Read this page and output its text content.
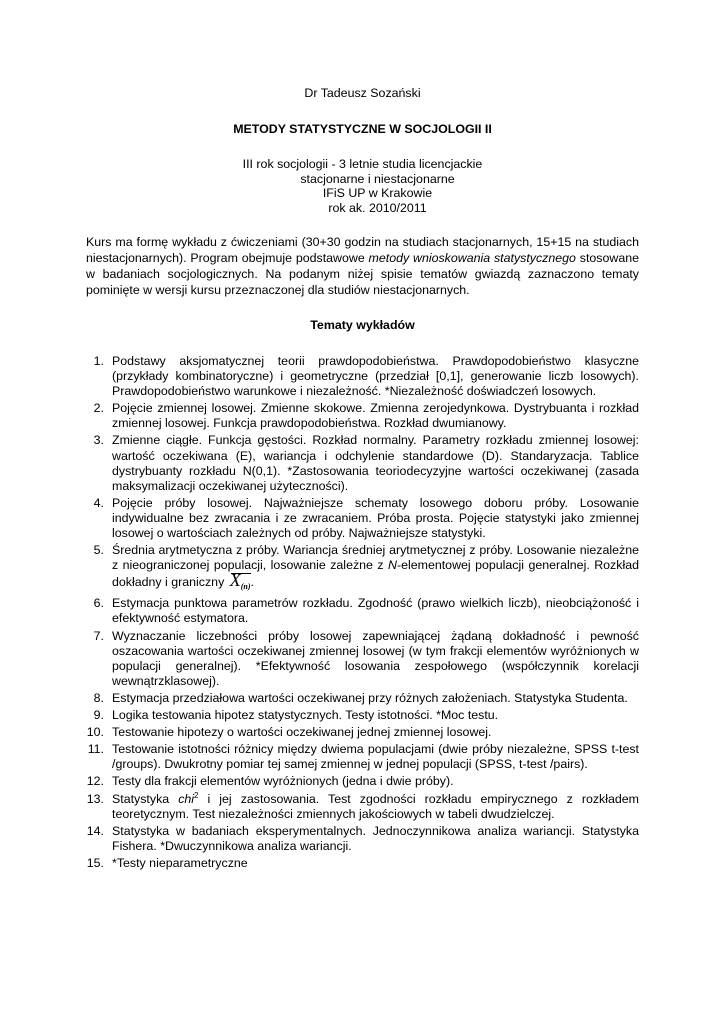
Dr Tadeusz Sozański

METODY STATYSTYCZNE W SOCJOLOGII II

III rok socjologii - 3 letnie studia licencjackie
stacjonarne i niestacjonarne
IFiS UP w Krakowie
rok ak. 2010/2011

Kurs ma formę wykładu z ćwiczeniami (30+30 godzin na studiach stacjonarnych, 15+15 na studiach niestacjonarnych). Program obejmuje podstawowe metody wnioskowania statystycznego stosowane w badaniach socjologicznych. Na podanym niżej spisie tematów gwiazdą zaznaczono tematy pominięte w wersji kursu przeznaczonej dla studiów niestacjonarnych.

Tematy wykładów

1. Podstawy aksjomatycznej teorii prawdopodobieństwa. Prawdopodobieństwo klasyczne (przykłady kombinatoryczne) i geometryczne (przedział [0,1], generowanie liczb losowych). Prawdopodobieństwo warunkowe i niezależność. *Niezależność doświadczeń losowych.
2. Pojęcie zmiennej losowej. Zmienne skokowe. Zmienna zerojedynkowa. Dystrybuanta i rozkład zmiennej losowej. Funkcja prawdopodobieństwa. Rozkład dwumianowy.
3. Zmienne ciągłe. Funkcja gęstości. Rozkład normalny. Parametry rozkładu zmiennej losowej: wartość oczekiwana (E), wariancja i odchylenie standardowe (D). Standaryzacja. Tablice dystrybuanty rozkładu N(0,1). *Zastosowania teoriodecyzyjne wartości oczekiwanej (zasada maksymalizacji oczekiwanej użyteczności).
4. Pojęcie próby losowej. Najważniejsze schematy losowego doboru próby. Losowanie indywidualne bez zwracania i ze zwracaniem. Próba prosta. Pojęcie statystyki jako zmiennej losowej o wartościach zależnych od próby. Najważniejsze statystyki.
5. Średnia arytmetyczna z próby. Wariancja średniej arytmetycznej z próby. Losowanie niezależne z nieograniczonej populacji, losowanie zależne z N-elementowej populacji generalnej. Rozkład dokładny i graniczny $X_{(n)}$.
6. Estymacja punktowa parametrów rozkładu. Zgodność (prawo wielkich liczb), nieobciążoność i efektywność estymatora.
7. Wyznaczanie liczebności próby losowej zapewniającej żądaną dokładność i pewność oszacowania wartości oczekiwanej zmiennej losowej (w tym frakcji elementów wyróżnionych w populacji generalnej). *Efektywność losowania zespołowego (współczynnik korelacji wewnątrzklasowej).
8. Estymacja przedziałowa wartości oczekiwanej przy różnych założeniach. Statystyka Studenta.
9. Logika testowania hipotez statystycznych. Testy istotności. *Moc testu.
10. Testowanie hipotezy o wartości oczekiwanej jednej zmiennej losowej.
11. Testowanie istotności różnicy między dwiema populacjami (dwie próby niezależne, SPSS t-test /groups). Dwukrotny pomiar tej samej zmiennej w jednej populacji (SPSS, t-test /pairs).
12. Testy dla frakcji elementów wyróżnionych (jedna i dwie próby).
13. Statystyka chi$^2$ i jej zastosowania. Test zgodności rozkładu empirycznego z rozkładem teoretycznym. Test niezależności zmiennych jakościowych w tabeli dwudzielczej.
14. Statystyka w badaniach eksperymentalnych. Jednoczynnikowa analiza wariancji. Statystyka Fishera. *Dwuczynnikowa analiza wariancji.
15. *Testy nieparametryczne
